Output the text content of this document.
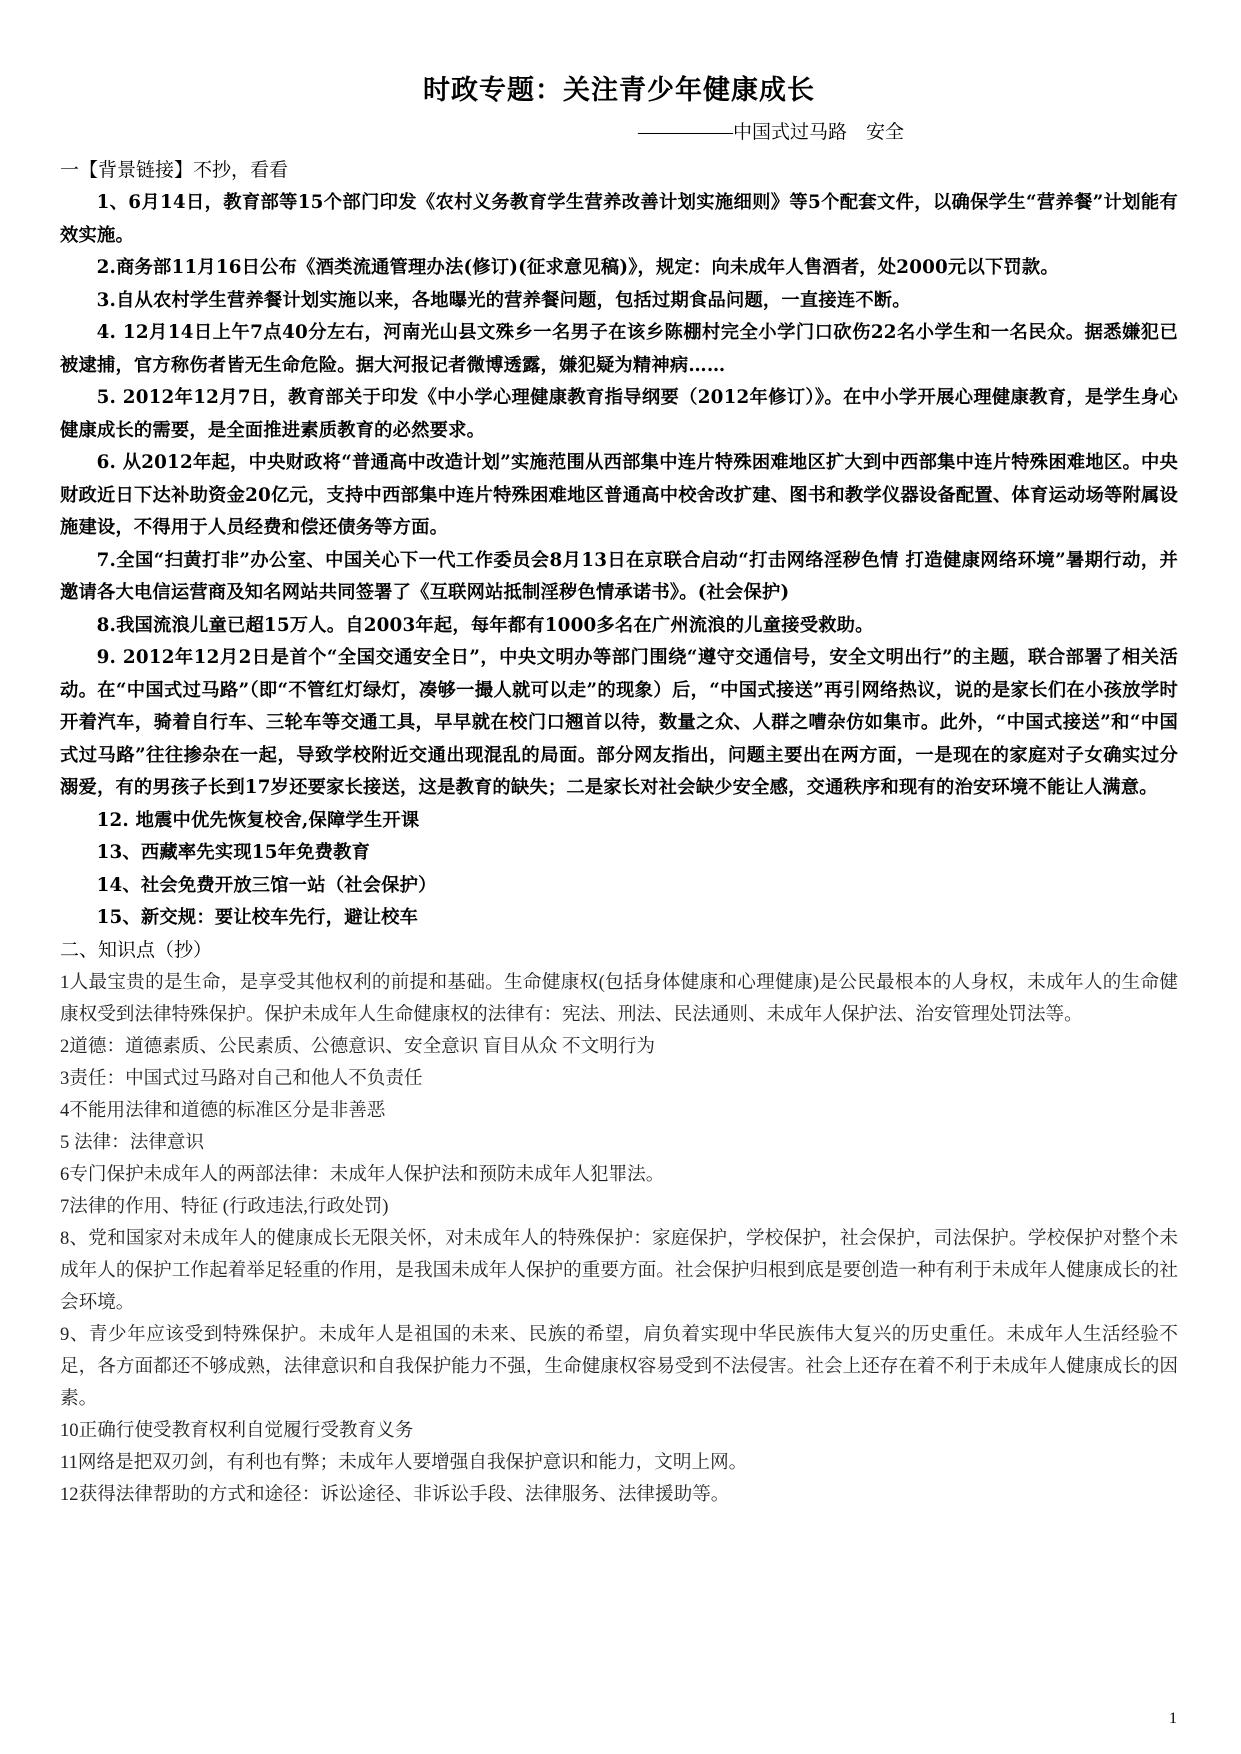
时政专题：关注青少年健康成长
—————中国式过马路　安全

一【背景链接】不抄，看看

1、6月14日，教育部等15个部门印发《农村义务教育学生营养改善计划实施细则》等5个配套文件，以确保学生“营养餐”计划能有效实施。

2.商务部11月16日公布《酒类流通管理办法(修订)(征求意见稿)》，规定：向未成年人售酒者，处2000元以下罚款。

3.自从农村学生营养餐计划实施以来，各地曝光的营养餐问题，包括过期食品问题，一直接连不断。

4. 12月14日上午7点40分左右，河南光山县文殊乡一名男子在该乡陈棚村完全小学门口砍伤22名小学生和一名民众。据悉嫌犯已被逮捕，官方称伤者皆无生命危险。据大河报记者微博透露，嫌犯疑为精神病……

5. 2012年12月7日，教育部关于印发《中小学心理健康教育指导纲要（2012年修订）》。在中小学开展心理健康教育，是学生身心健康成长的需要，是全面推进素质教育的必然要求。

6. 从2012年起，中央财政将“普通高中改造计划”实施范围从西部集中连片特殊困难地区扩大到中西部集中连片特殊困难地区。中央财政近日下达补助资金20亿元，支持中西部集中连片特殊困难地区普通高中校舍改扩建、图书和教学仪器设备配置、体育运动场等附属设施建设，不得用于人员经费和偿还债务等方面。

7.全国“扫黄打非”办公室、中国关心下一代工作委员会8月13日在京联合启动“打击网络淫秽色情 打造健康网络环境”暑期行动，并邀请各大电信运营商及知名网站共同签署了《互联网站抵制淫秽色情承诺书》。(社会保护)

8.我国流浪儿童已超15万人。自2003年起，每年都有1000多名在广州流浪的儿童接受救助。

9. 2012年12月2日是首个“全国交通安全日”，中央文明办等部门围绕“遵守交通信号，安全文明出行”的主题，联合部署了相关活动。在“中国式过马路”（即“不管红灯绿灯，凑够一撮人就可以走”的现象）后，“中国式接送”再引网络热议，说的是家长们在小孩放学时开着汽车，骑着自行车、三轮车等交通工具，早早就在校门口翘首以待，数量之众、人群之嘈杂仿如集市。此外，“中国式接送”和“中国式过马路”往往掺杂在一起，导致学校附近交通出现混乱的局面。部分网友指出，问题主要出在两方面，一是现在的家庭对子女确实过分溺爱，有的男孩子长到17岁还要家长接送，这是教育的缺失；二是家长对社会缺少安全感，交通秩序和现有的治安环境不能让人满意。

12. 地震中优先恢复校舍,保障学生开课

13、西藏率先实现15年免费教育

14、社会免费开放三馆一站（社会保护）

15、新交规：要让校车先行，避让校车

二、知识点（抄）

1人最宝贵的是生命，是享受其他权利的前提和基础。生命健康权(包括身体健康和心理健康)是公民最根本的人身权，未成年人的生命健康权受到法律特殊保护。保护未成年人生命健康权的法律有：宪法、刑法、民法通则、未成年人保护法、治安管理处罚法等。

2道德：道德素质、公民素质、公德意识、安全意识 盲目从众 不文明行为

3责任：中国式过马路对自己和他人不负责任

4不能用法律和道德的标准区分是非善恶

5 法律：法律意识

6专门保护未成年人的两部法律：未成年人保护法和预防未成年人犯罪法。

7法律的作用、特征 (行政违法,行政处罚)

8、党和国家对未成年人的健康成长无限关怀，对未成年人的特殊保护：家庭保护，学校保护，社会保护，司法保护。学校保护对整个未成年人的保护工作起着举足轻重的作用，是我国未成年人保护的重要方面。社会保护归根到底是要创造一种有利于未成年人健康成长的社会环境。

9、青少年应该受到特殊保护。未成年人是祖国的未来、民族的希望，肩负着实现中华民族伟大复兴的历史重任。未成年人生活经验不足，各方面都还不够成熟，法律意识和自我保护能力不强，生命健康权容易受到不法侵害。社会上还存在着不利于未成年人健康成长的因素。

10正确行使受教育权利自觉履行受教育义务

11网络是把双刃剑，有利也有弊；未成年人要增强自我保护意识和能力，文明上网。

12获得法律帮助的方式和途径：诉讼途径、非诉讼手段、法律服务、法律援助等。

1
